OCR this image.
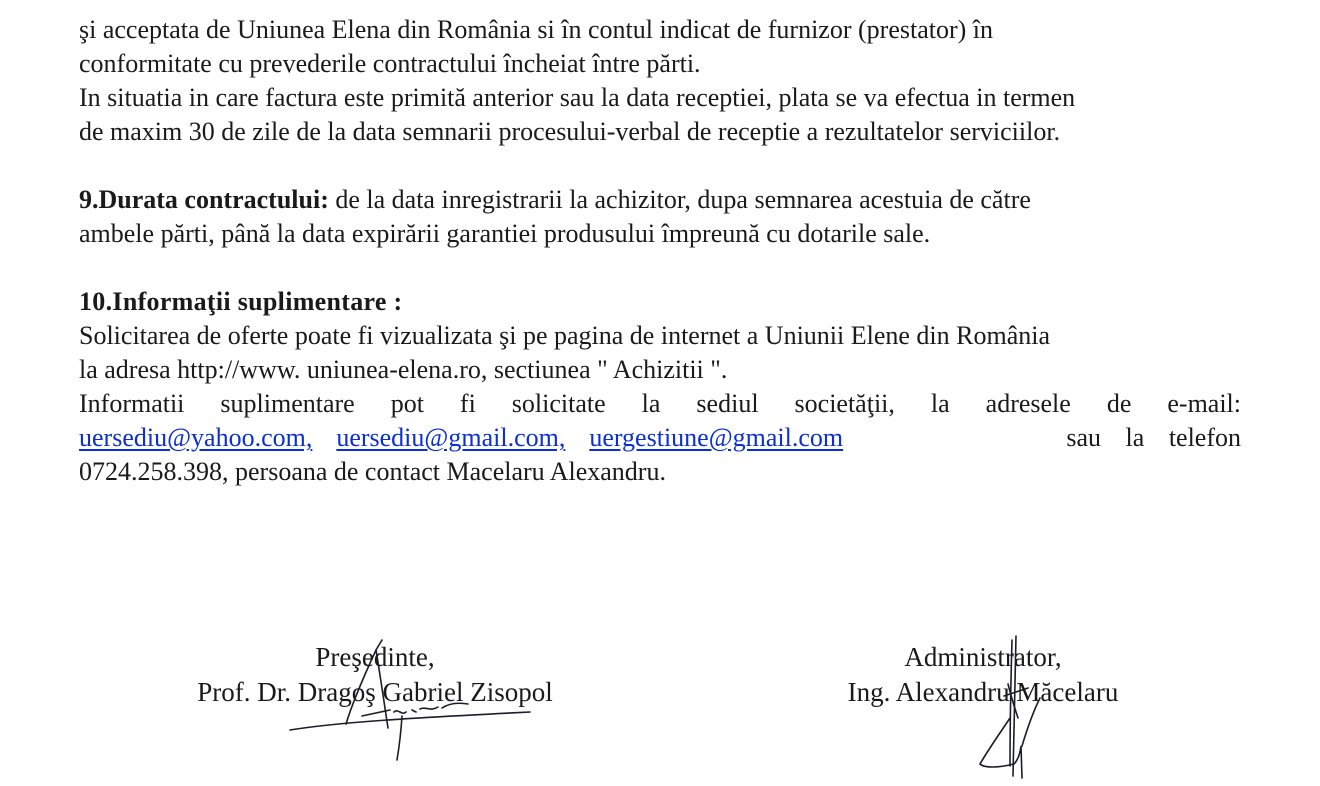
şi acceptata de Uniunea Elena din România si în contul indicat de furnizor (prestator) în
conformitate cu prevederile contractului încheiat între părti.
In situatia in care factura este primită anterior sau la data receptiei, plata se va efectua in termen
de maxim 30 de zile de la data semnarii procesului-verbal de receptie a rezultatelor serviciilor.
9.Durata contractului: de la data inregistrarii la achizitor, dupa semnarea acestuia de către
ambele părti, până la data expirării garantiei produsului împreună cu dotarile sale.
10.Informaţii suplimentare :
Solicitarea de oferte poate fi vizualizata şi pe pagina de internet a Uniunii Elene din România
la adresa http://www. uniunea-elena.ro, sectiunea " Achizitii ".
Informatii suplimentare pot fi solicitate la sediul societăţii, la adresele de e-mail:
uersediu@yahoo.com, uersediu@gmail.com, uergestiune@gmail.com	sau la telefon
0724.258.398, persoana de contact Macelaru Alexandru.
Preşedinte,
Prof. Dr. Dragoş Gabriel Zisopol
Administrator,
Ing. Alexandru Măcelaru
